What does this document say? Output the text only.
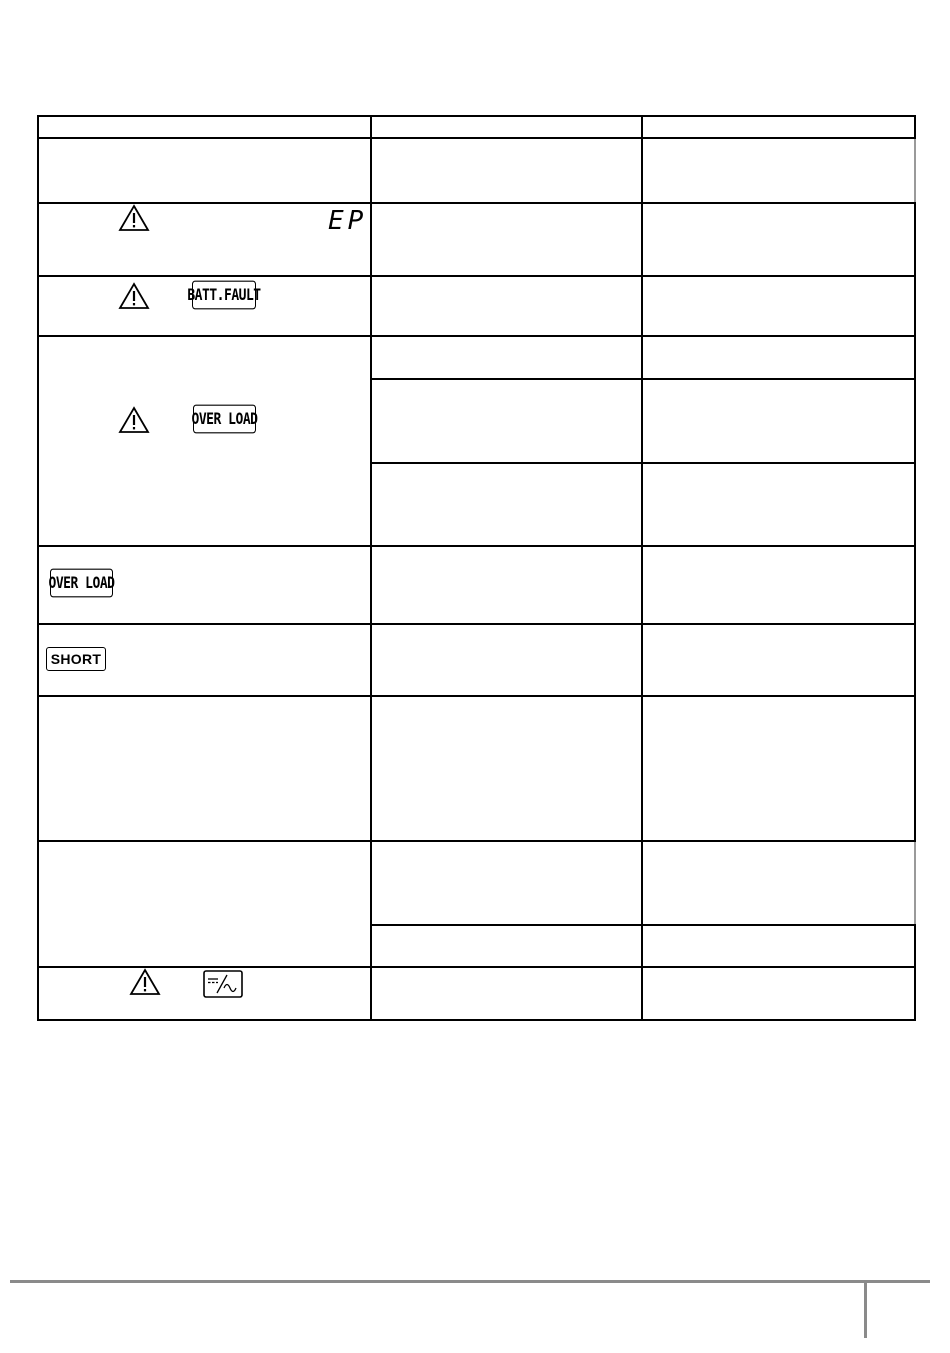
EP
BATT.FAULT
OVER LOAD
OVER LOAD
SHORT
